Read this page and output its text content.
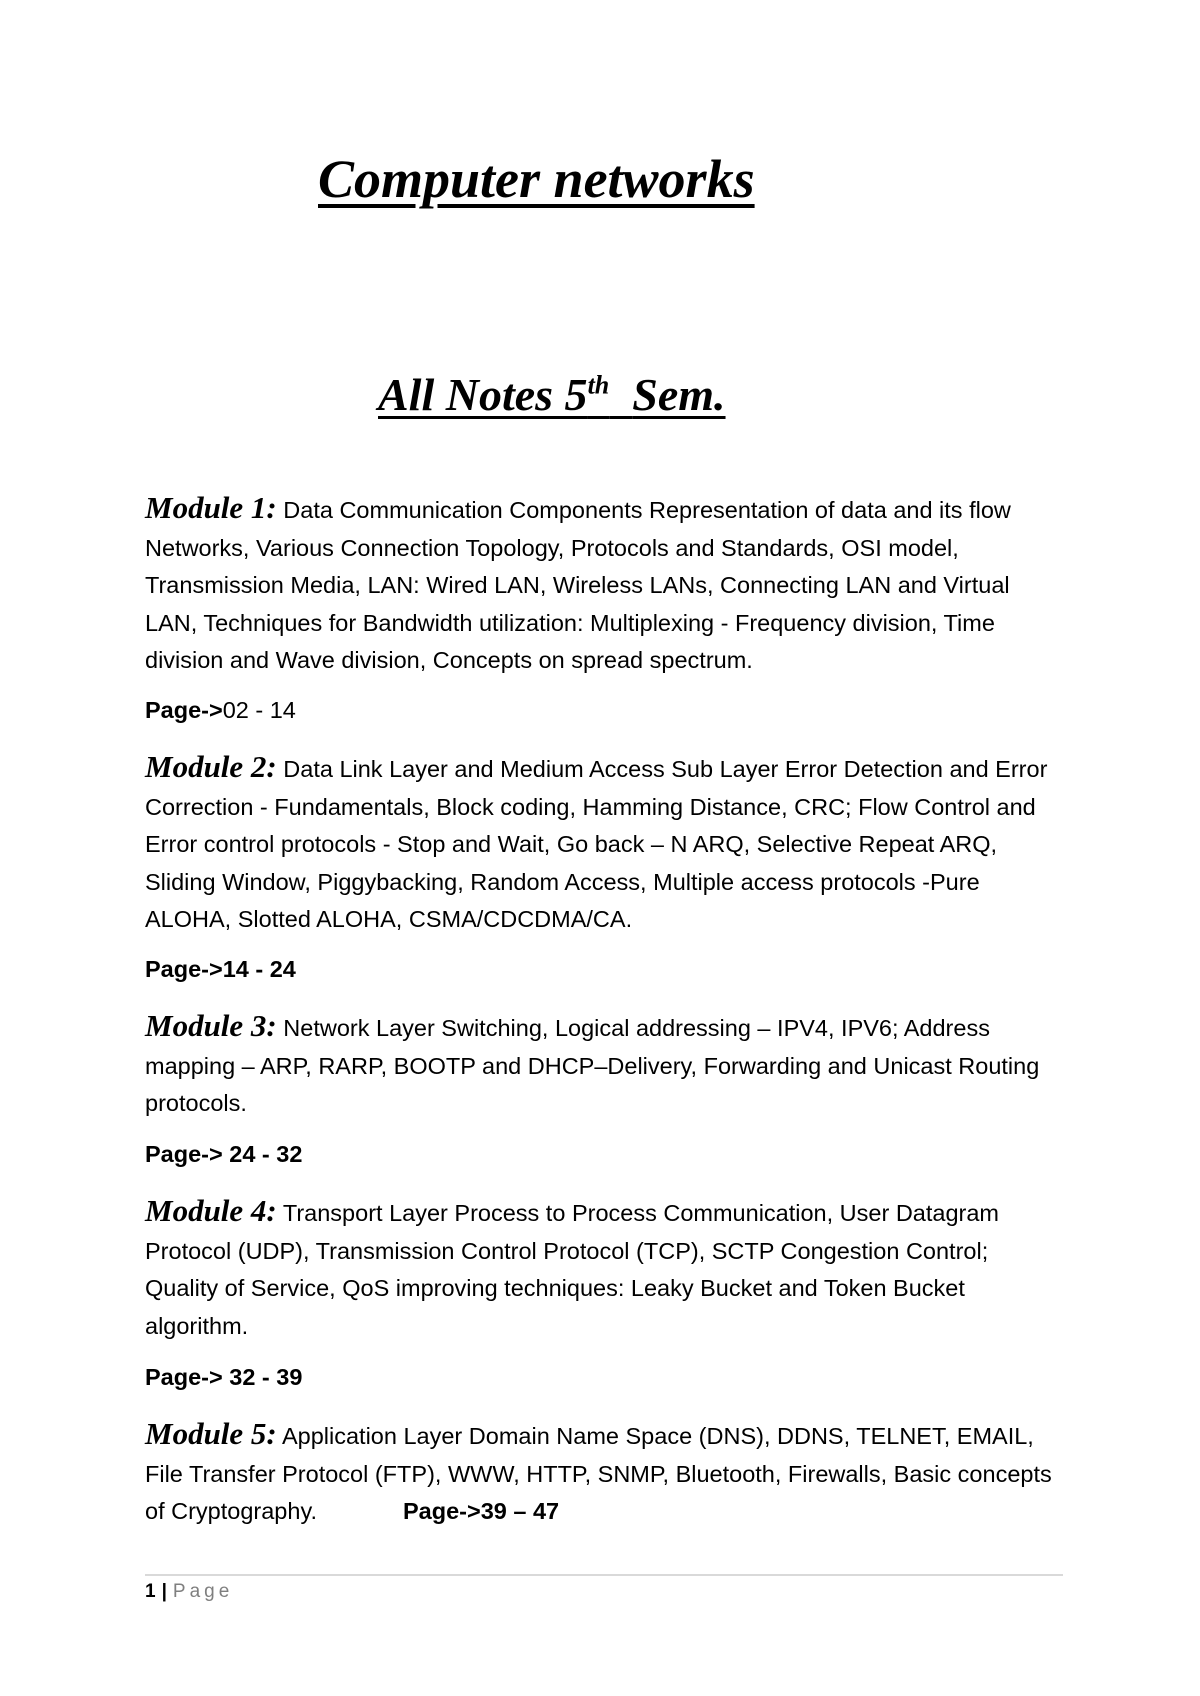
Computer networks
All Notes 5th Sem.

Module 1: Data Communication Components Representation of data and its flow Networks, Various Connection Topology, Protocols and Standards, OSI model, Transmission Media, LAN: Wired LAN, Wireless LANs, Connecting LAN and Virtual LAN, Techniques for Bandwidth utilization: Multiplexing - Frequency division, Time division and Wave division, Concepts on spread spectrum.

Page->02 - 14

Module 2: Data Link Layer and Medium Access Sub Layer Error Detection and Error Correction - Fundamentals, Block coding, Hamming Distance, CRC; Flow Control and Error control protocols - Stop and Wait, Go back – N ARQ, Selective Repeat ARQ, Sliding Window, Piggybacking, Random Access, Multiple access protocols -Pure ALOHA, Slotted ALOHA, CSMA/CDCDMA/CA.

Page->14 - 24

Module 3: Network Layer Switching, Logical addressing – IPV4, IPV6; Address mapping – ARP, RARP, BOOTP and DHCP–Delivery, Forwarding and Unicast Routing protocols.

Page-> 24 - 32

Module 4: Transport Layer Process to Process Communication, User Datagram Protocol (UDP), Transmission Control Protocol (TCP), SCTP Congestion Control; Quality of Service, QoS improving techniques: Leaky Bucket and Token Bucket algorithm.

Page-> 32 - 39

Module 5: Application Layer Domain Name Space (DNS), DDNS, TELNET, EMAIL, File Transfer Protocol (FTP), WWW, HTTP, SNMP, Bluetooth, Firewalls, Basic concepts of Cryptography.	Page->39 – 47

1 | Page
